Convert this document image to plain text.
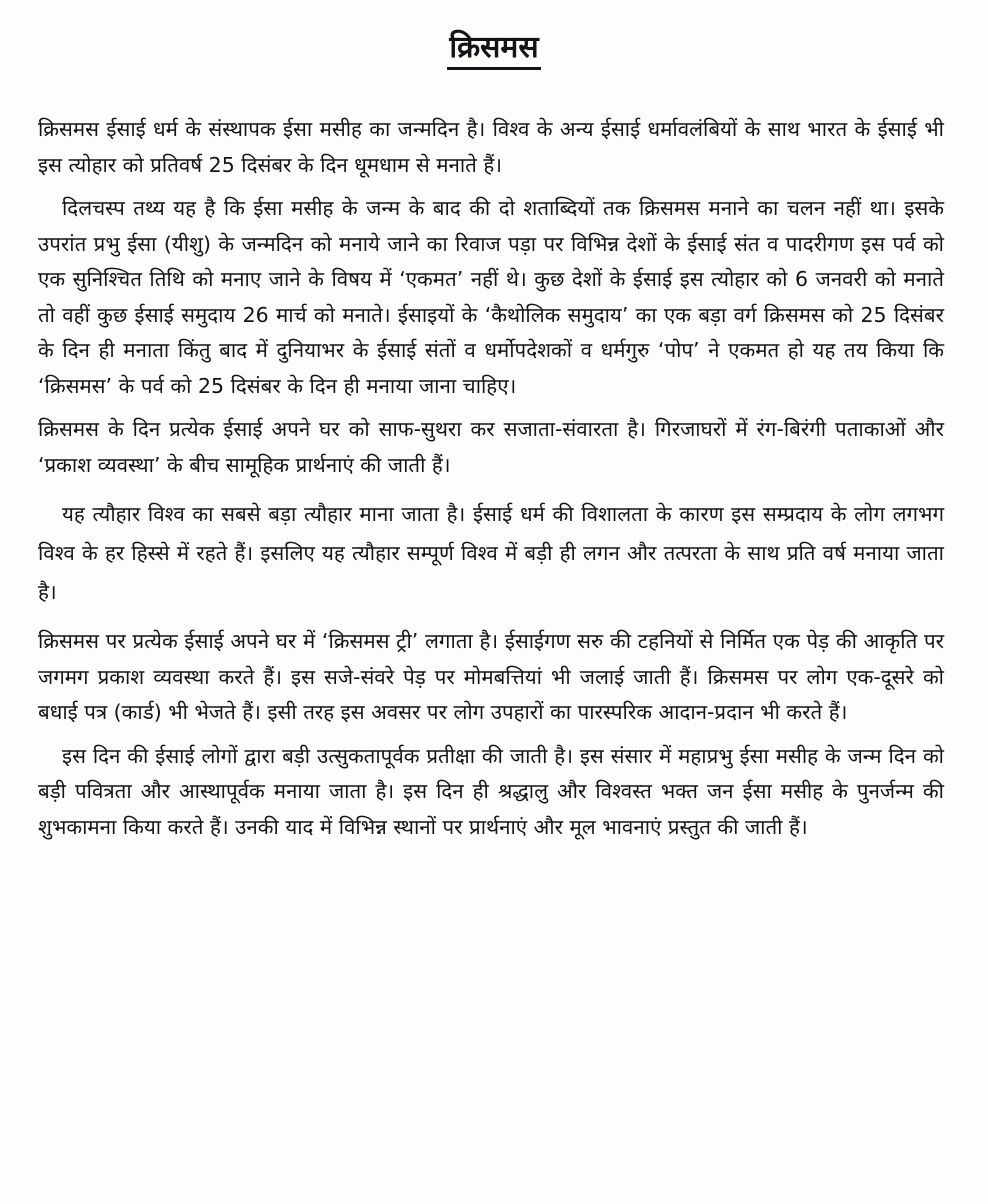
क्रिसमस

क्रिसमस ईसाई धर्म के संस्थापक ईसा मसीह का जन्मदिन है। विश्व के अन्य ईसाई धर्मावलंबियों के साथ भारत के ईसाई भी इस त्योहार को प्रतिवर्ष 25 दिसंबर के दिन धूमधाम से मनाते हैं।

दिलचस्प तथ्य यह है कि ईसा मसीह के जन्म के बाद की दो शताब्दियों तक क्रिसमस मनाने का चलन नहीं था। इसके उपरांत प्रभु ईसा (यीशु) के जन्मदिन को मनाये जाने का रिवाज पड़ा पर विभिन्न देशों के ईसाई संत व पादरीगण इस पर्व को एक सुनिश्चित तिथि को मनाए जाने के विषय में ‘एकमत’ नहीं थे। कुछ देशों के ईसाई इस त्योहार को 6 जनवरी को मनाते तो वहीं कुछ ईसाई समुदाय 26 मार्च को मनाते। ईसाइयों के ‘कैथोलिक समुदाय’ का एक बड़ा वर्ग क्रिसमस को 25 दिसंबर के दिन ही मनाता किंतु बाद में दुनियाभर के ईसाई संतों व धर्मोपदेशकों व धर्मगुरु ‘पोप’ ने एकमत हो यह तय किया कि ‘क्रिसमस’ के पर्व को 25 दिसंबर के दिन ही मनाया जाना चाहिए।

क्रिसमस के दिन प्रत्येक ईसाई अपने घर को साफ-सुथरा कर सजाता-संवारता है। गिरजाघरों में रंग-बिरंगी पताकाओं और ‘प्रकाश व्यवस्था’ के बीच सामूहिक प्रार्थनाएं की जाती हैं।

यह त्यौहार विश्व का सबसे बड़ा त्यौहार माना जाता है। ईसाई धर्म की विशालता के कारण इस सम्प्रदाय के लोग लगभग विश्व के हर हिस्से में रहते हैं। इसलिए यह त्यौहार सम्पूर्ण विश्व में बड़ी ही लगन और तत्परता के साथ प्रति वर्ष मनाया जाता है।

क्रिसमस पर प्रत्येक ईसाई अपने घर में ‘क्रिसमस ट्री’ लगाता है। ईसाईगण सरु की टहनियों से निर्मित एक पेड़ की आकृति पर जगमग प्रकाश व्यवस्था करते हैं। इस सजे-संवरे पेड़ पर मोमबत्तियां भी जलाई जाती हैं। क्रिसमस पर लोग एक-दूसरे को बधाई पत्र (कार्ड) भी भेजते हैं। इसी तरह इस अवसर पर लोग उपहारों का पारस्परिक आदान-प्रदान भी करते हैं।

इस दिन की ईसाई लोगों द्वारा बड़ी उत्सुकतापूर्वक प्रतीक्षा की जाती है। इस संसार में महाप्रभु ईसा मसीह के जन्म दिन को बड़ी पवित्रता और आस्थापूर्वक मनाया जाता है। इस दिन ही श्रद्धालु और विश्वस्त भक्त जन ईसा मसीह के पुनर्जन्म की शुभकामना किया करते हैं। उनकी याद में विभिन्न स्थानों पर प्रार्थनाएं और मूल भावनाएं प्रस्तुत की जाती हैं।
